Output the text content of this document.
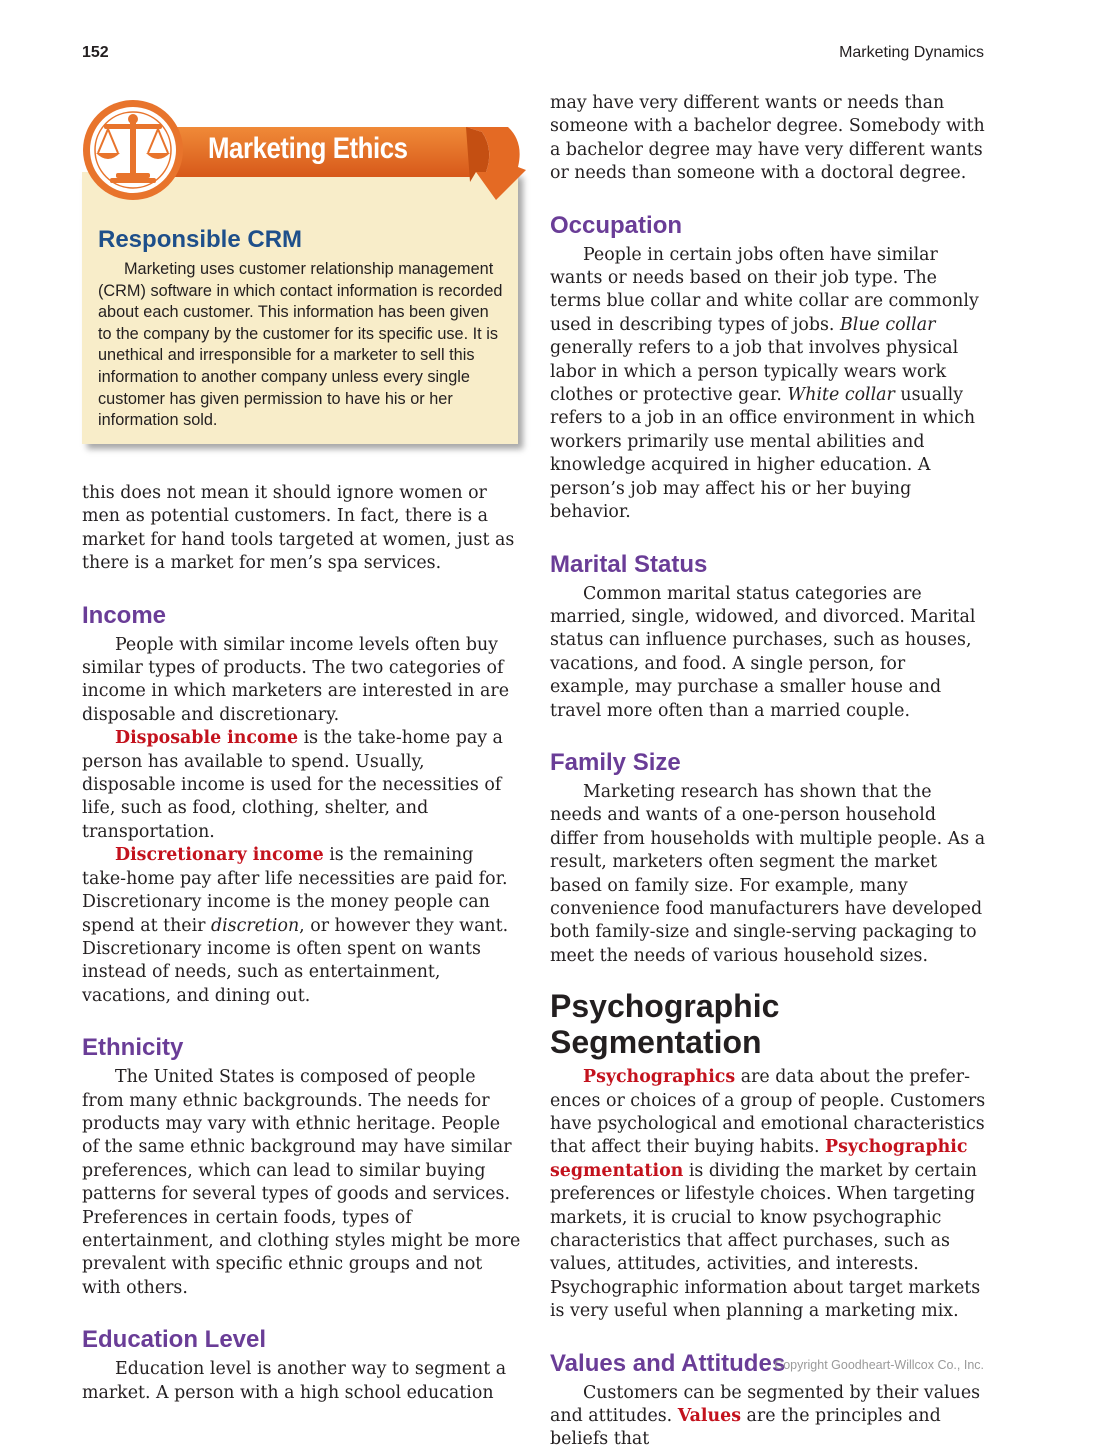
152	Marketing Dynamics
Marketing Ethics
Responsible CRM

Marketing uses customer relationship management (CRM) software in which contact information is recorded about each customer. This information has been given to the company by the customer for its specific use. It is unethical and irresponsible for a marketer to sell this information to another company unless every single customer has given permission to have his or her information sold.

this does not mean it should ignore women or men as potential customers. In fact, there is a market for hand tools targeted at women, just as there is a market for men’s spa services.

Income

People with similar income levels often buy similar types of products. The two categories of income in which marketers are interested in are disposable and discretionary.

Disposable income is the take-home pay a person has available to spend. Usually, disposable income is used for the necessities of life, such as food, clothing, shelter, and transportation.

Discretionary income is the remaining take-home pay after life necessities are paid for. Discretionary income is the money people can spend at their discretion, or however they want. Discretionary income is often spent on wants instead of needs, such as entertainment, vacations, and dining out.

Ethnicity

The United States is composed of people from many ethnic backgrounds. The needs for products may vary with ethnic heritage. People of the same ethnic background may have similar preferences, which can lead to similar buying patterns for several types of goods and services. Preferences in certain foods, types of entertainment, and clothing styles might be more prevalent with specific ethnic groups and not with others.

Education Level

Education level is another way to segment a market. A person with a high school education

may have very different wants or needs than someone with a bachelor degree. Somebody with a bachelor degree may have very different wants or needs than someone with a doctoral degree.

Occupation

People in certain jobs often have similar wants or needs based on their job type. The terms blue collar and white collar are commonly used in describing types of jobs. Blue collar generally refers to a job that involves physical labor in which a person typically wears work clothes or protective gear. White collar usually refers to a job in an office environment in which workers primarily use mental abilities and knowledge acquired in higher education. A person’s job may affect his or her buying behavior.

Marital Status

Common marital status categories are married, single, widowed, and divorced. Marital status can influence purchases, such as houses, vacations, and food. A single person, for example, may purchase a smaller house and travel more often than a married couple.

Family Size

Marketing research has shown that the needs and wants of a one-person household differ from households with multiple people. As a result, marketers often segment the market based on family size. For example, many convenience food manufacturers have developed both family-size and single-serving packaging to meet the needs of various household sizes.

Psychographic Segmentation

Psychographics are data about the preferences or choices of a group of people. Customers have psychological and emotional characteristics that affect their buying habits. Psychographic segmentation is dividing the market by certain preferences or lifestyle choices. When targeting markets, it is crucial to know psychographic characteristics that affect purchases, such as values, attitudes, activities, and interests. Psychographic information about target markets is very useful when planning a marketing mix.

Values and Attitudes

Customers can be segmented by their values and attitudes. Values are the principles and beliefs that

Copyright Goodheart-Willcox Co., Inc.
